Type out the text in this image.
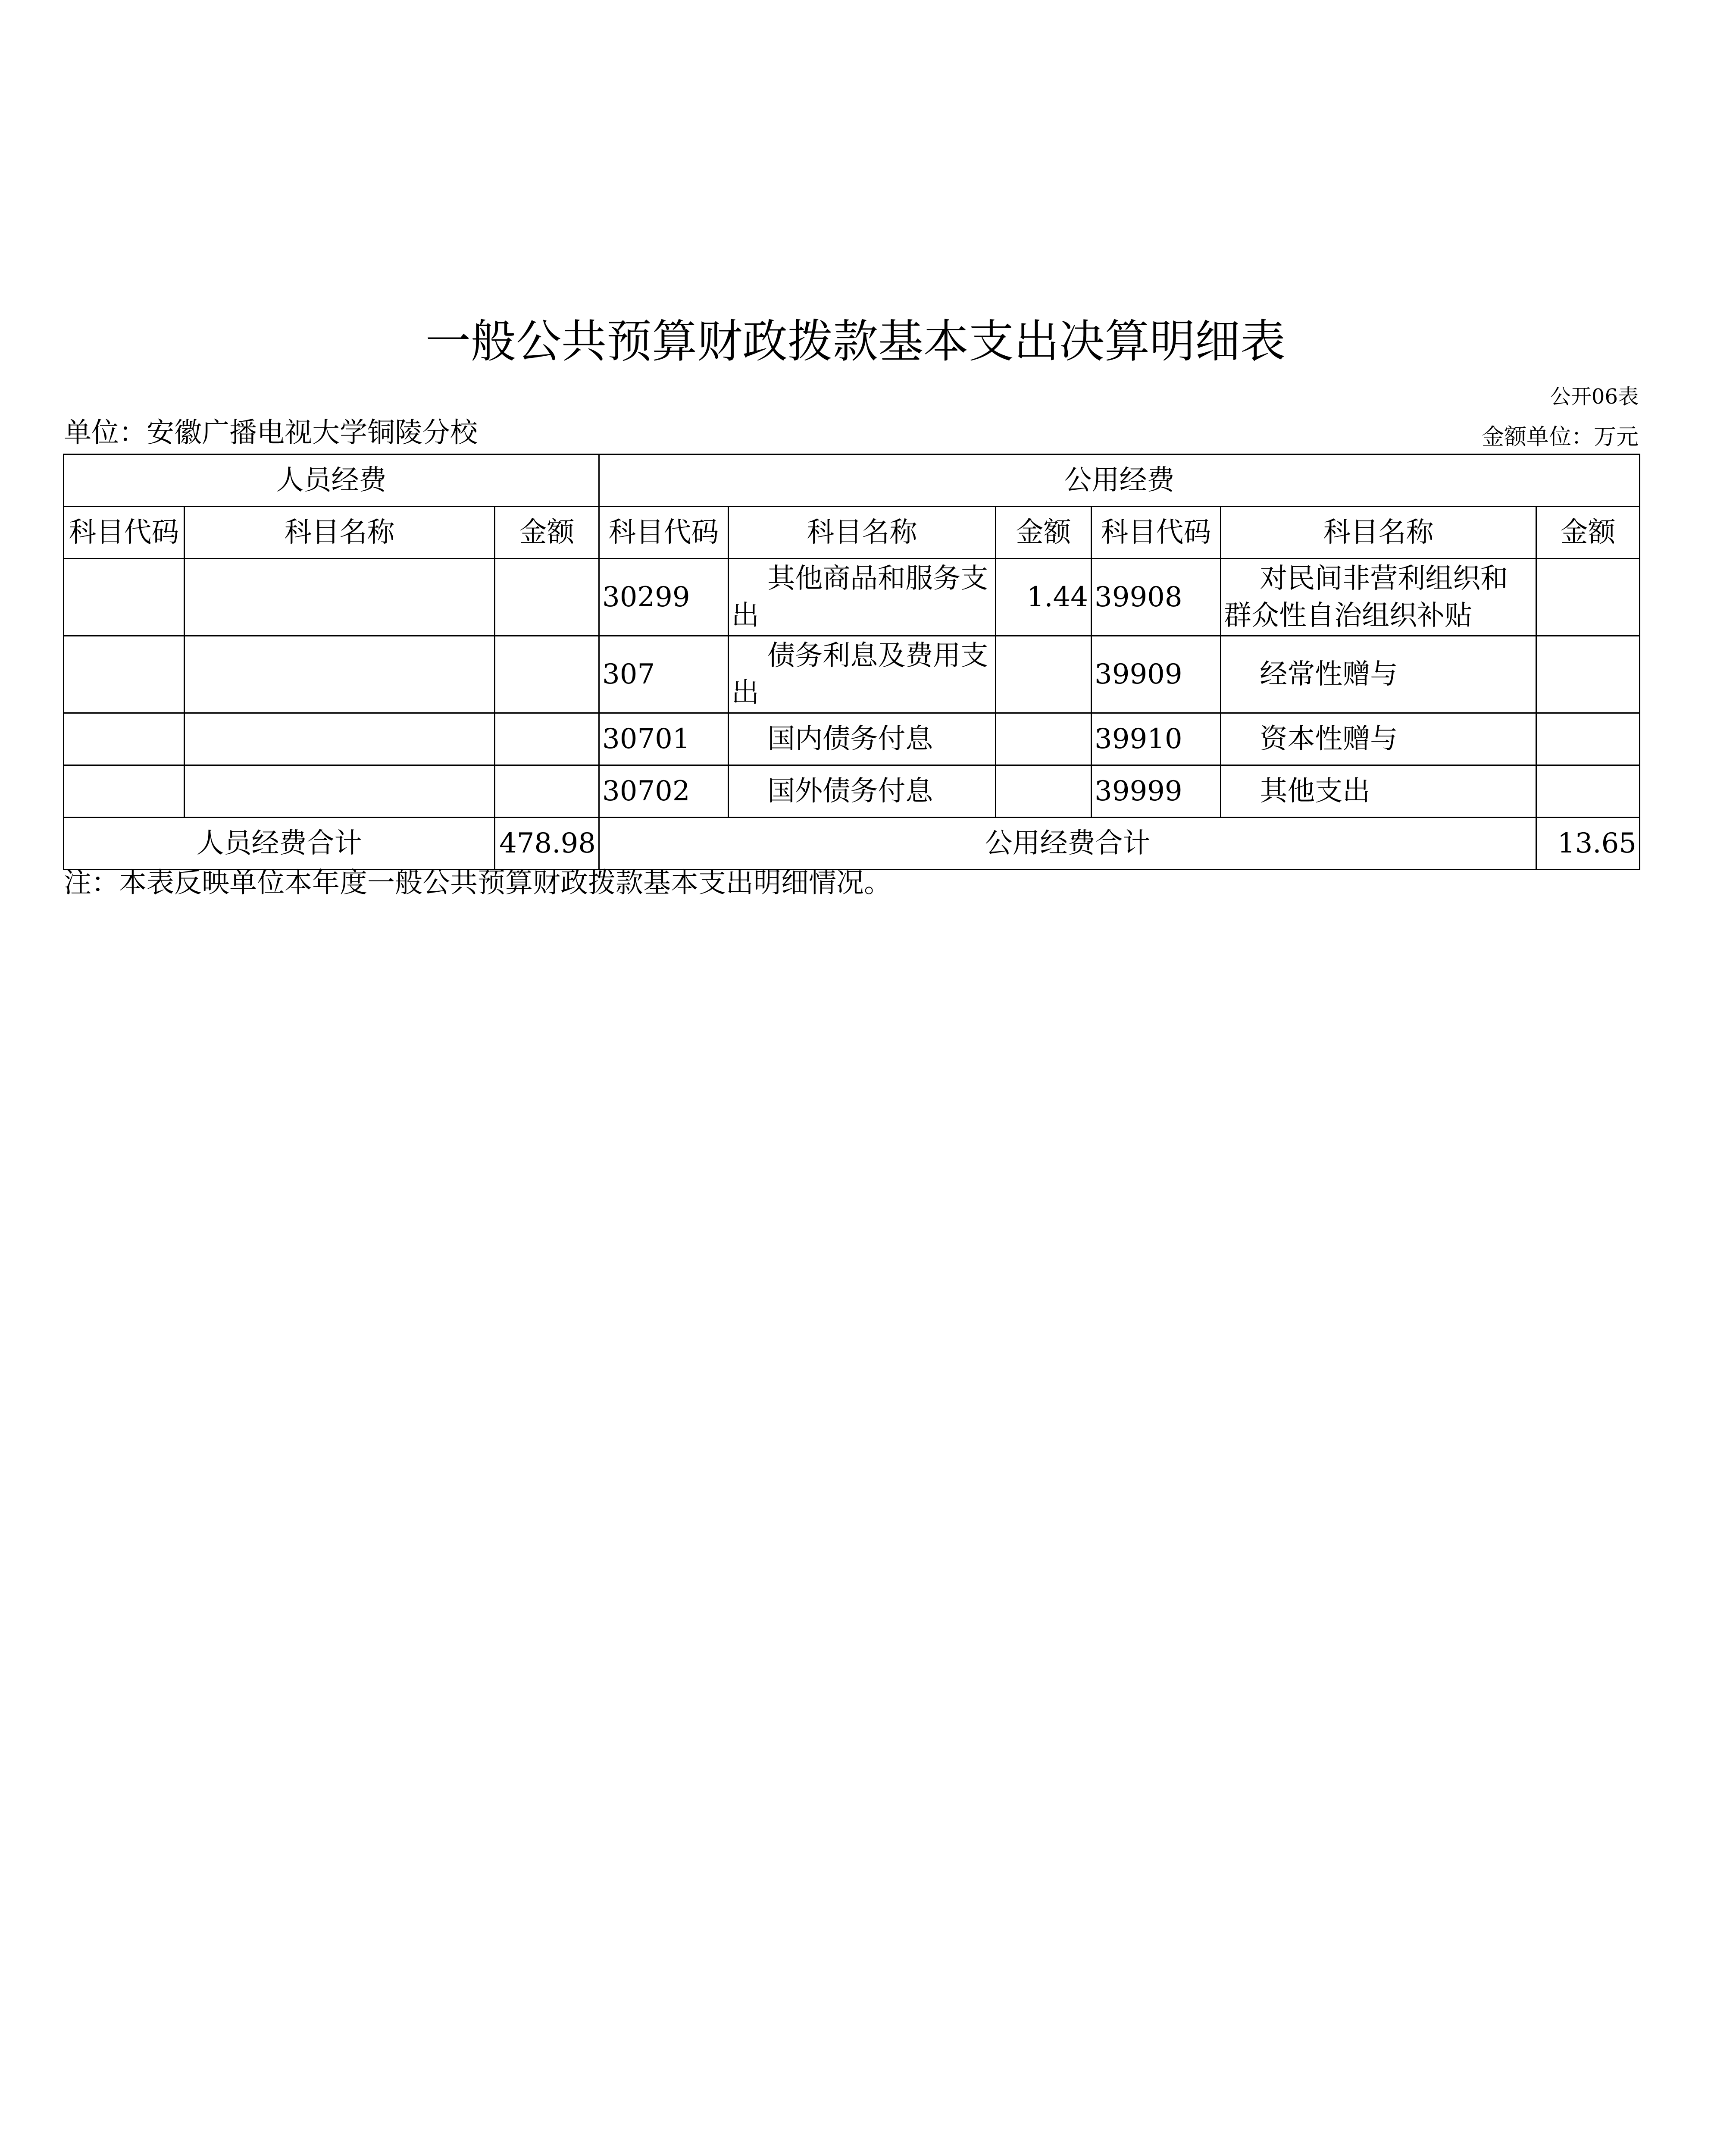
一般公共预算财政拨款基本支出决算明细表
公开06表
单位：安徽广播电视大学铜陵分校	金额单位：万元
人员经费			公用经费					
科目代码	科目名称	金额	科目代码	科目名称	金额	科目代码	科目名称	金额
			30299	其他商品和服务支出	1.44	39908	对民间非营利组织和群众性自治组织补贴	
			307	债务利息及费用支出		39909	经常性赠与	
			30701	国内债务付息		39910	资本性赠与	
			30702	国外债务付息		39999	其他支出	
人员经费合计		478.98	公用经费合计					13.65
注：本表反映单位本年度一般公共预算财政拨款基本支出明细情况。
